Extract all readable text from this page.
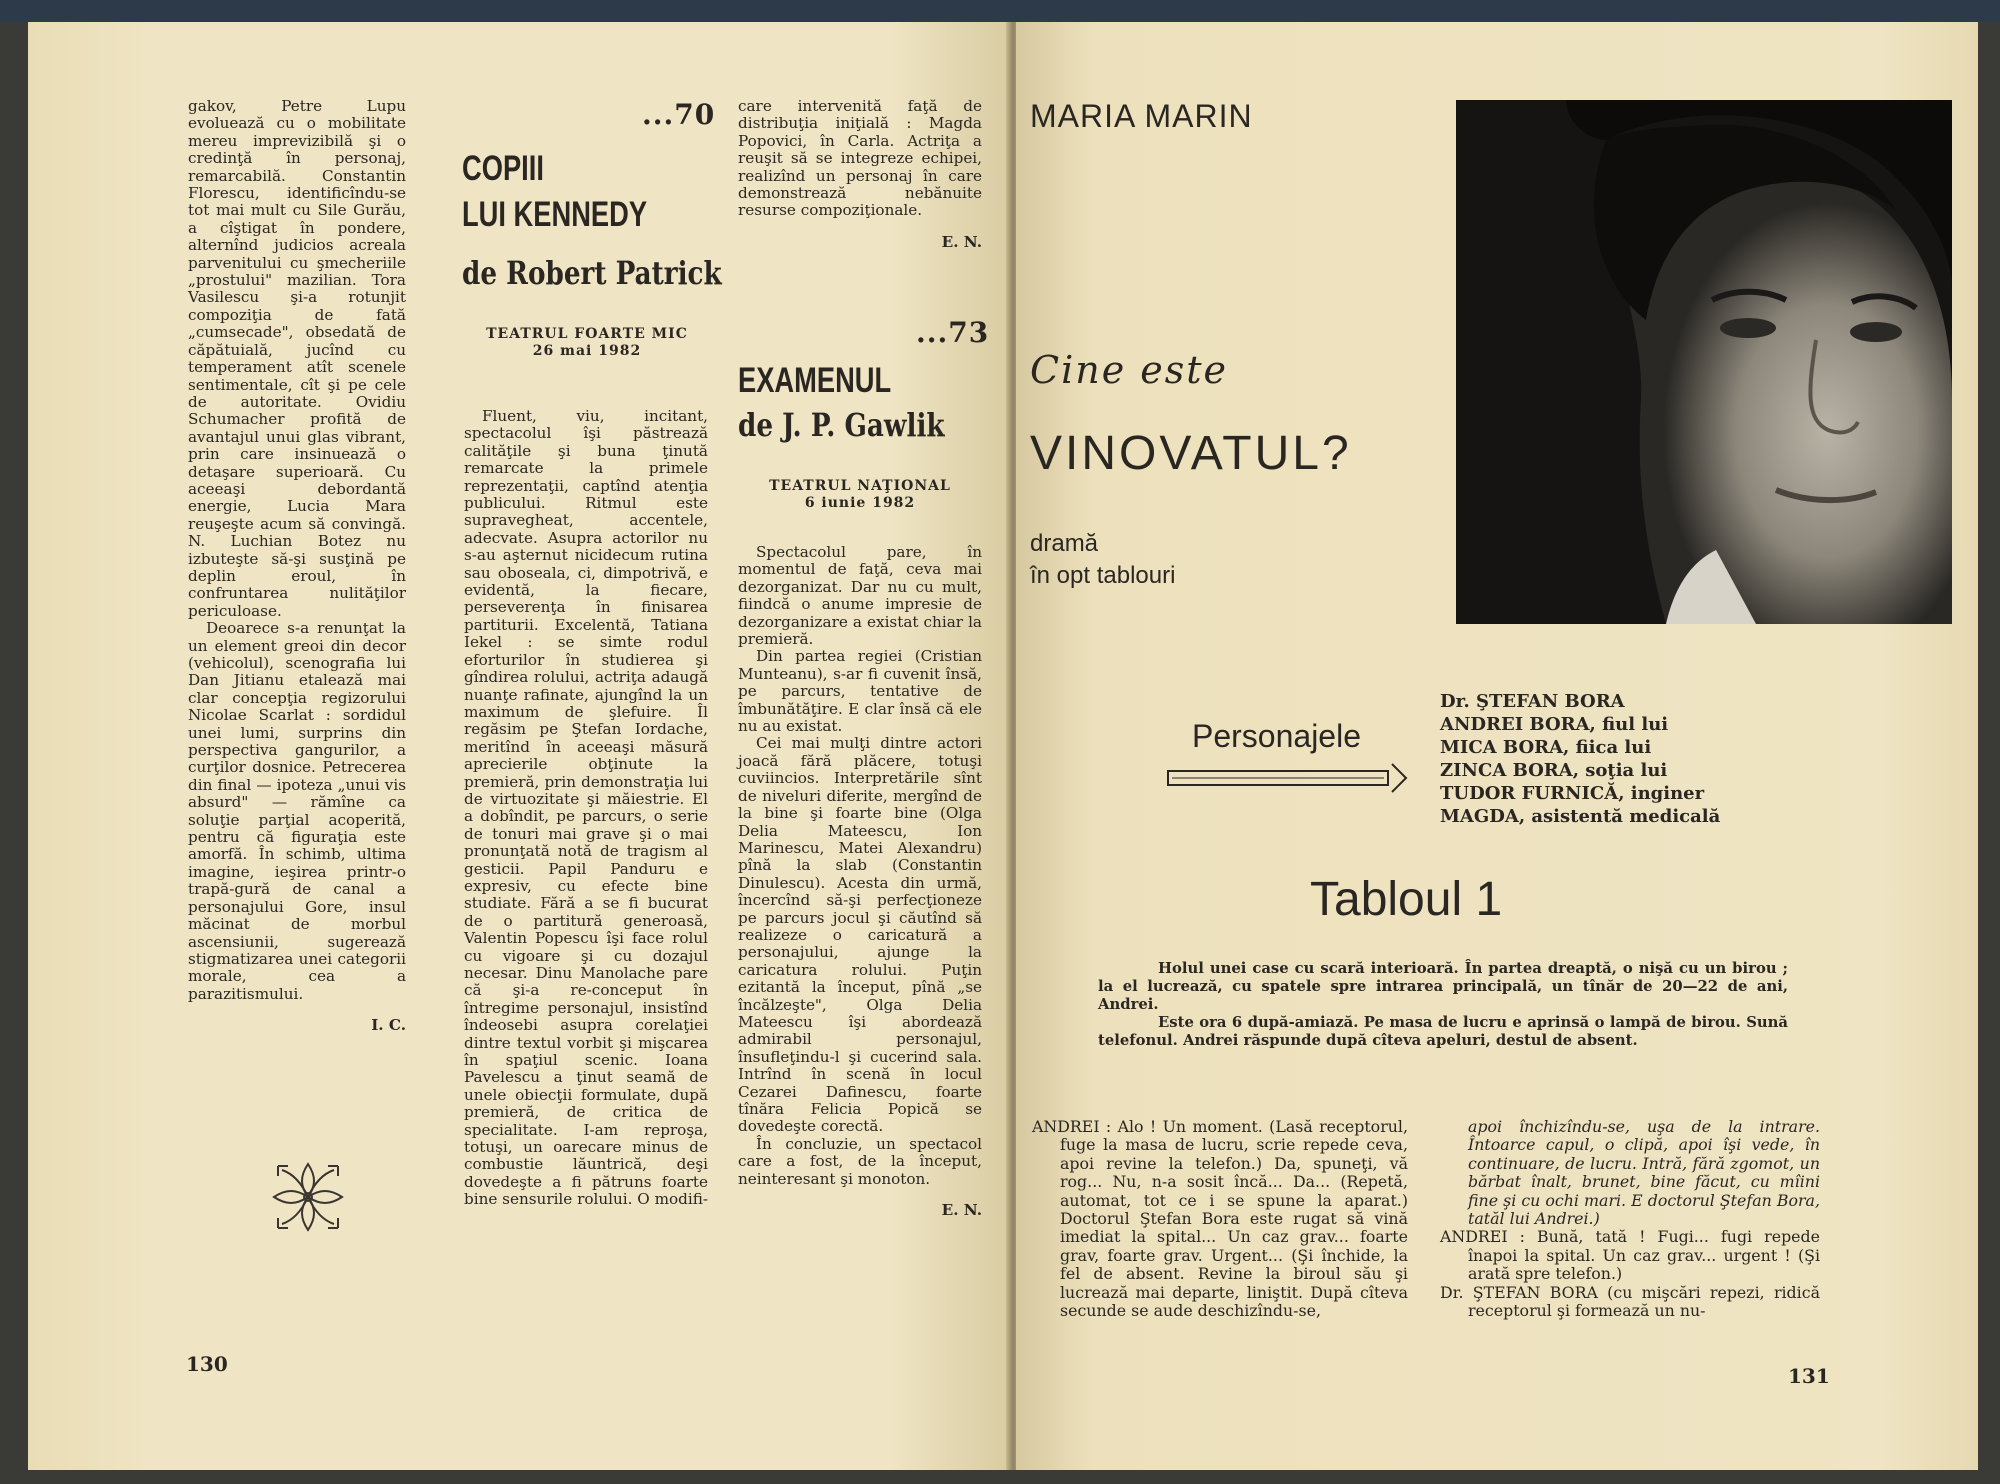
gakov, Petre Lupu evoluează cu o mobilitate mereu imprevizibilă şi o credinţă în personaj, remarcabilă. Constantin Florescu, identificîndu-se tot mai mult cu Sile Gurău, a cîştigat în pondere, alternînd judicios acreala parvenitului cu şmecheriile „prostului" mazilian. Tora Vasilescu şi-a rotunjit compoziţia de fată „cumsecade", obsedată de căpătuială, jucînd cu temperament atît scenele sentimentale, cît şi pe cele de autoritate. Ovidiu Schumacher profită de avantajul unui glas vibrant, prin care insinuează o detaşare superioară. Cu aceeaşi debordantă energie, Lucia Mara reuşeşte acum să convingă. N. Luchian Botez nu izbuteşte să-şi susţină pe deplin eroul, în confruntarea nulităţilor periculoase.

Deoarece s-a renunţat la un element greoi din decor (vehicolul), scenografia lui Dan Jitianu etalează mai clar concepţia regizorului Nicolae Scarlat : sordidul unei lumi, surprins din perspectiva gangurilor, a curţilor dosnice. Petrecerea din final — ipoteza „unui vis absurd" — rămîne ca soluţie parţial acoperită, pentru că figuraţia este amorfă. În schimb, ultima imagine, ieşirea printr-o trapă-gură de canal a personajului Gore, insul măcinat de morbul ascensiunii, sugerează stigmatizarea unei categorii morale, cea a parazitismului.

I. C.

130
...70
COPIII
LUI KENNEDY
de Robert Patrick
TEATRUL FOARTE MIC
26 mai 1982

Fluent, viu, incitant, spectacolul îşi păstrează calităţile şi buna ţinută remarcate la primele reprezentaţii, captînd atenţia publicului. Ritmul este supravegheat, accentele, adecvate. Asupra actorilor nu s-au aşternut nicidecum rutina sau oboseala, ci, dimpotrivă, e evidentă, la fiecare, perseverenţa în finisarea partiturii. Excelentă, Tatiana Iekel : se simte rodul eforturilor în studierea şi gîndirea rolului, actriţa adaugă nuanţe rafinate, ajungînd la un maximum de şlefuire. Îl regăsim pe Ştefan Iordache, meritînd în aceeaşi măsură aprecierile obţinute la premieră, prin demonstraţia lui de virtuozitate şi măiestrie. El a dobîndit, pe parcurs, o serie de tonuri mai grave şi o mai pronunţată notă de tragism al gesticii. Papil Panduru e expresiv, cu efecte bine studiate. Fără a se fi bucurat de o partitură generoasă, Valentin Popescu îşi face rolul cu vigoare şi cu dozajul necesar. Dinu Manolache pare că şi-a re-conceput în întregime personajul, insistînd îndeosebi asupra corelaţiei dintre textul vorbit şi mişcarea în spaţiul scenic. Ioana Pavelescu a ţinut seamă de unele obiecţii formulate, după premieră, de critica de specialitate. I-am reproşa, totuşi, un oarecare minus de combustie lăuntrică, deşi dovedeşte a fi pătruns foarte bine sensurile rolului. O modifi-

care intervenită faţă de distribuţia iniţială : Magda Popovici, în Carla. Actriţa a reuşit să se integreze echipei, realizînd un personaj în care demonstrează nebănuite resurse compoziţionale.

E. N.

...73
EXAMENUL
de J. P. Gawlik
TEATRUL NAŢIONAL
6 iunie 1982

Spectacolul pare, în momentul de faţă, ceva mai dezorganizat. Dar nu cu mult, fiindcă o anume impresie de dezorganizare a existat chiar la premieră.

Din partea regiei (Cristian Munteanu), s-ar fi cuvenit însă, pe parcurs, tentative de îmbunătăţire. E clar însă că ele nu au existat.

Cei mai mulţi dintre actori joacă fără plăcere, totuşi cuviincios. Interpretările sînt de niveluri diferite, mergînd de la bine şi foarte bine (Olga Delia Mateescu, Ion Marinescu, Matei Alexandru) pînă la slab (Constantin Dinulescu). Acesta din urmă, încercînd să-şi perfecţioneze pe parcurs jocul şi căutînd să realizeze o caricatură a personajului, ajunge la caricatura rolului. Puţin ezitantă la început, pînă „se încălzeşte", Olga Delia Mateescu îşi abordează admirabil personajul, însufleţindu-l şi cucerind sala. Intrînd în scenă în locul Cezarei Dafinescu, foarte tînăra Felicia Popică se dovedeşte corectă.

În concluzie, un spectacol care a fost, de la început, neinteresant şi monoton.

E. N.

MARIA MARIN
Cine este
VINOVATUL?
dramă
în opt tablouri
Personajele
Dr. ŞTEFAN BORA
ANDREI BORA, fiul lui
MICA BORA, fiica lui
ZINCA BORA, soţia lui
TUDOR FURNICĂ, inginer
MAGDA, asistentă medicală
Tabloul 1

Holul unei case cu scară interioară. În partea dreaptă, o nişă cu un birou ; la el lucrează, cu spatele spre intrarea principală, un tînăr de 20—22 de ani, Andrei.

Este ora 6 după-amiază. Pe masa de lucru e aprinsă o lampă de birou. Sună telefonul. Andrei răspunde după cîteva apeluri, destul de absent.

ANDREI : Alo ! Un moment. (Lasă receptorul, fuge la masa de lucru, scrie repede ceva, apoi revine la telefon.) Da, spuneţi, vă rog... Nu, n-a sosit încă... Da... (Repetă, automat, tot ce i se spune la aparat.) Doctorul Ştefan Bora este rugat să vină imediat la spital... Un caz grav... foarte grav, foarte grav. Urgent... (Şi închide, la fel de absent. Revine la biroul său şi lucrează mai departe, liniştit. După cîteva secunde se aude deschizîndu-se,

apoi închizîndu-se, uşa de la intrare. Întoarce capul, o clipă, apoi îşi vede, în continuare, de lucru. Intră, fără zgomot, un bărbat înalt, brunet, bine făcut, cu mîini fine şi cu ochi mari. E doctorul Ştefan Bora, tatăl lui Andrei.)

ANDREI : Bună, tată ! Fugi... fugi repede înapoi la spital. Un caz grav... urgent ! (Şi arată spre telefon.)

Dr. ŞTEFAN BORA (cu mişcări repezi, ridică receptorul şi formează un nu-

131
